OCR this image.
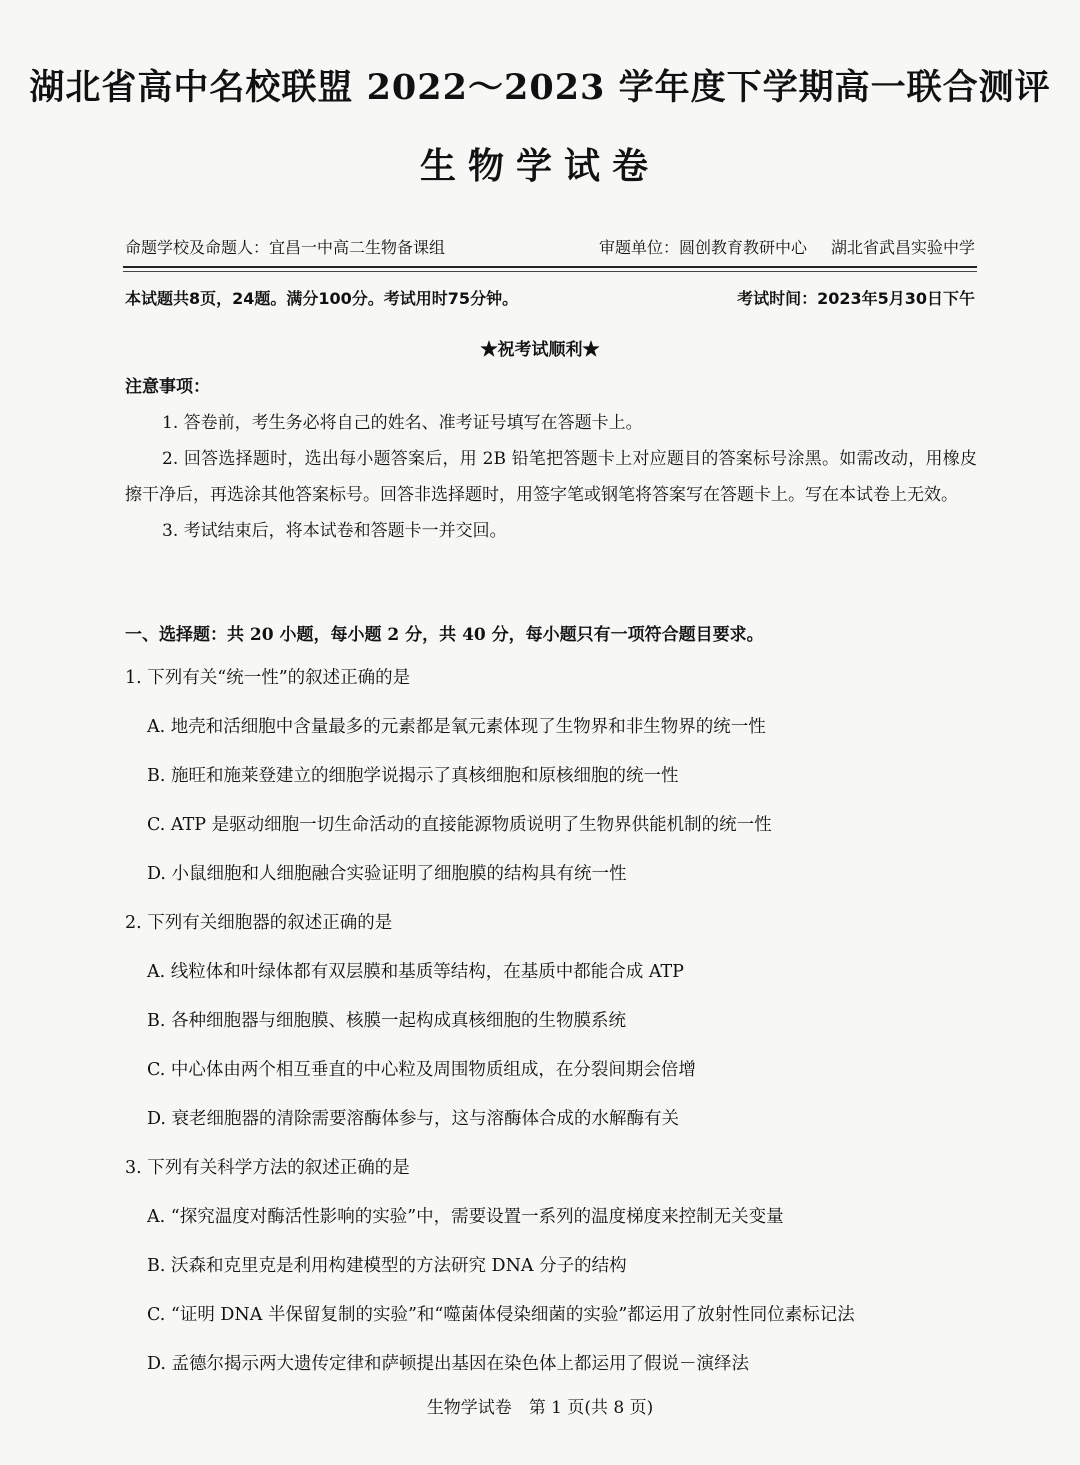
湖北省高中名校联盟 2022～2023 学年度下学期高一联合测评
生物学试卷
命题学校及命题人：宜昌一中高二生物备课组	审题单位：圆创教育教研中心 湖北省武昌实验中学
本试题共8页，24题。满分100分。考试用时75分钟。	考试时间：2023年5月30日下午
★祝考试顺利★
注意事项：

1. 答卷前，考生务必将自己的姓名、准考证号填写在答题卡上。

2. 回答选择题时，选出每小题答案后，用 2B 铅笔把答题卡上对应题目的答案标号涂黑。如需改动，用橡皮擦干净后，再选涂其他答案标号。回答非选择题时，用签字笔或钢笔将答案写在答题卡上。写在本试卷上无效。

3. 考试结束后，将本试卷和答题卡一并交回。

一、选择题：共 20 小题，每小题 2 分，共 40 分，每小题只有一项符合题目要求。
1. 下列有关“统一性”的叙述正确的是
A. 地壳和活细胞中含量最多的元素都是氧元素体现了生物界和非生物界的统一性
B. 施旺和施莱登建立的细胞学说揭示了真核细胞和原核细胞的统一性
C. ATP 是驱动细胞一切生命活动的直接能源物质说明了生物界供能机制的统一性
D. 小鼠细胞和人细胞融合实验证明了细胞膜的结构具有统一性
2. 下列有关细胞器的叙述正确的是
A. 线粒体和叶绿体都有双层膜和基质等结构，在基质中都能合成 ATP
B. 各种细胞器与细胞膜、核膜一起构成真核细胞的生物膜系统
C. 中心体由两个相互垂直的中心粒及周围物质组成，在分裂间期会倍增
D. 衰老细胞器的清除需要溶酶体参与，这与溶酶体合成的水解酶有关
3. 下列有关科学方法的叙述正确的是
A. “探究温度对酶活性影响的实验”中，需要设置一系列的温度梯度来控制无关变量
B. 沃森和克里克是利用构建模型的方法研究 DNA 分子的结构
C. “证明 DNA 半保留复制的实验”和“噬菌体侵染细菌的实验”都运用了放射性同位素标记法
D. 孟德尔揭示两大遗传定律和萨顿提出基因在染色体上都运用了假说－演绎法
生物学试卷　第 1 页(共 8 页)
